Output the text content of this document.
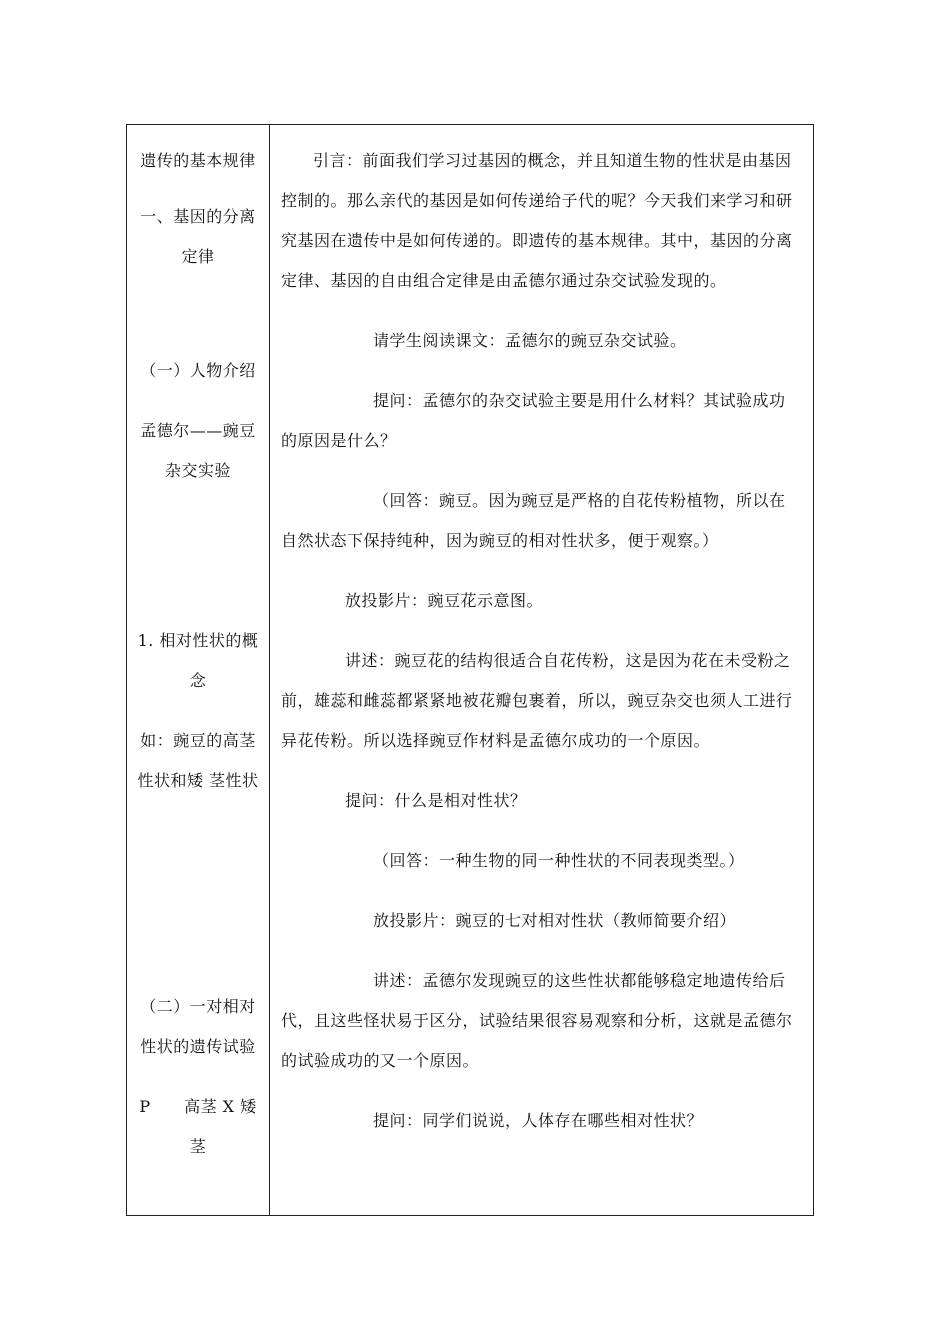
遗传的基本规律
一、基因的分离
定律
（一）人物介绍
孟德尔——豌豆
杂交实验
1. 相对性状的概
念
如：豌豆的高茎
性状和矮 茎性状
（二）一对相对
性状的遗传试验
P      高茎 X 矮
茎
引言：前面我们学习过基因的概念，并且知道生物的性状是由基因
控制的。那么亲代的基因是如何传递给子代的呢？今天我们来学习和研
究基因在遗传中是如何传递的。即遗传的基本规律。其中，基因的分离
定律、基因的自由组合定律是由孟德尔通过杂交试验发现的。
请学生阅读课文：孟德尔的豌豆杂交试验。
提问：孟德尔的杂交试验主要是用什么材料？其试验成功
的原因是什么？
（回答：豌豆。因为豌豆是严格的自花传粉植物，所以在
自然状态下保持纯种，因为豌豆的相对性状多，便于观察。）
放投影片：豌豆花示意图。
讲述：豌豆花的结构很适合自花传粉，这是因为花在未受粉之
前，雄蕊和雌蕊都紧紧地被花瓣包裹着，所以，豌豆杂交也须人工进行
异花传粉。所以选择豌豆作材料是孟德尔成功的一个原因。
提问：什么是相对性状？
（回答：一种生物的同一种性状的不同表现类型。）
放投影片：豌豆的七对相对性状（教师简要介绍）
讲述：孟德尔发现豌豆的这些性状都能够稳定地遗传给后
代，且这些怪状易于区分，试验结果很容易观察和分析，这就是孟德尔
的试验成功的又一个原因。
提问：同学们说说，人体存在哪些相对性状？
